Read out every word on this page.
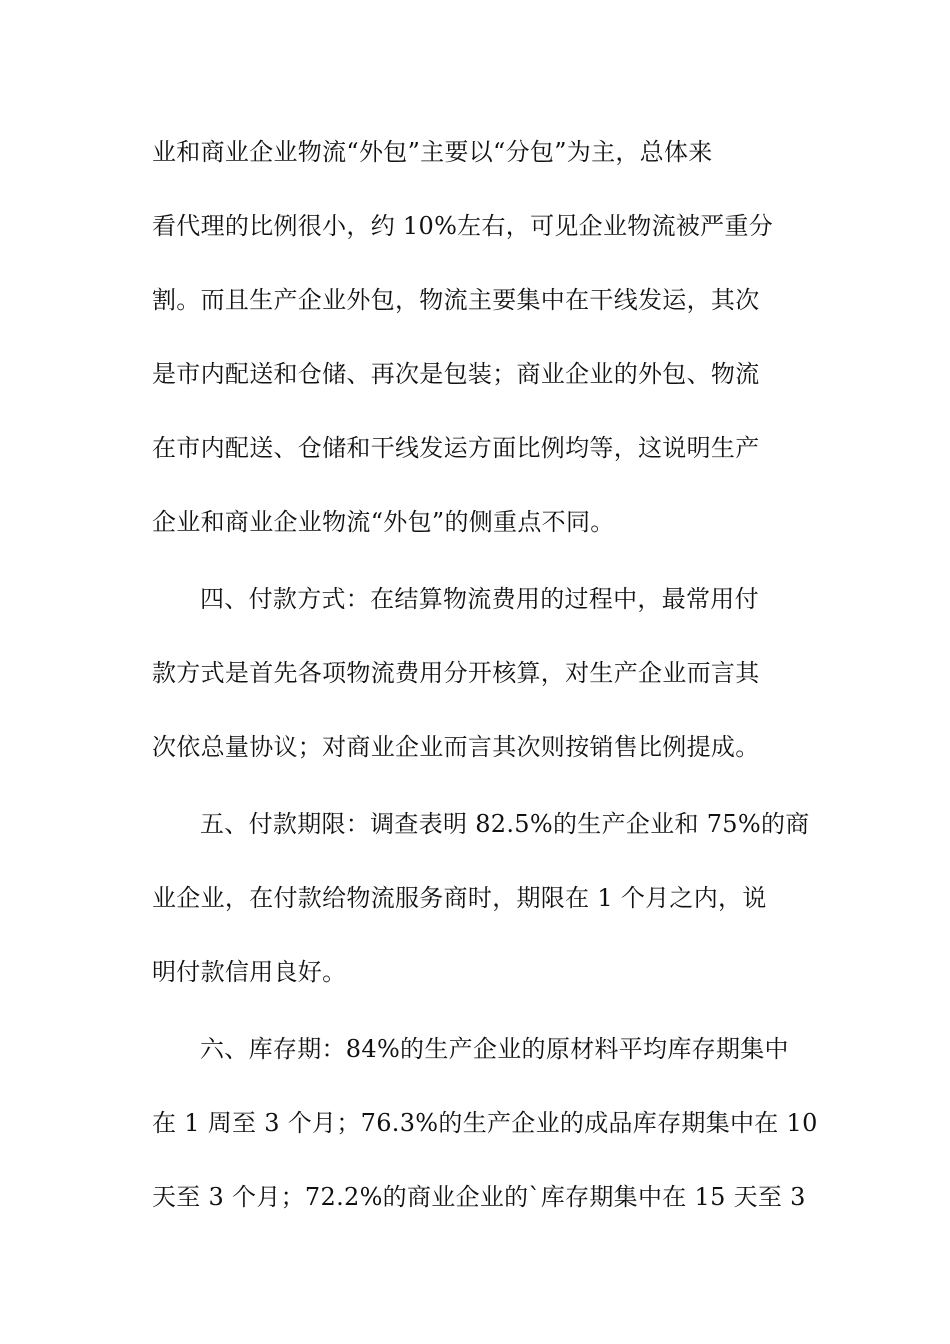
业和商业企业物流“外包”主要以“分包”为主，总体来
看代理的比例很小，约 10%左右，可见企业物流被严重分
割。而且生产企业外包，物流主要集中在干线发运，其次
是市内配送和仓储、再次是包装；商业企业的外包、物流
在市内配送、仓储和干线发运方面比例均等，这说明生产
企业和商业企业物流“外包”的侧重点不同。
四、付款方式：在结算物流费用的过程中，最常用付
款方式是首先各项物流费用分开核算，对生产企业而言其
次依总量协议；对商业企业而言其次则按销售比例提成。
五、付款期限：调查表明 82.5%的生产企业和 75%的商
业企业，在付款给物流服务商时，期限在 1 个月之内，说
明付款信用良好。
六、库存期：84%的生产企业的原材料平均库存期集中
在 1 周至 3 个月；76.3%的生产企业的成品库存期集中在 10
天至 3 个月；72.2%的商业企业的`库存期集中在 15 天至 3
